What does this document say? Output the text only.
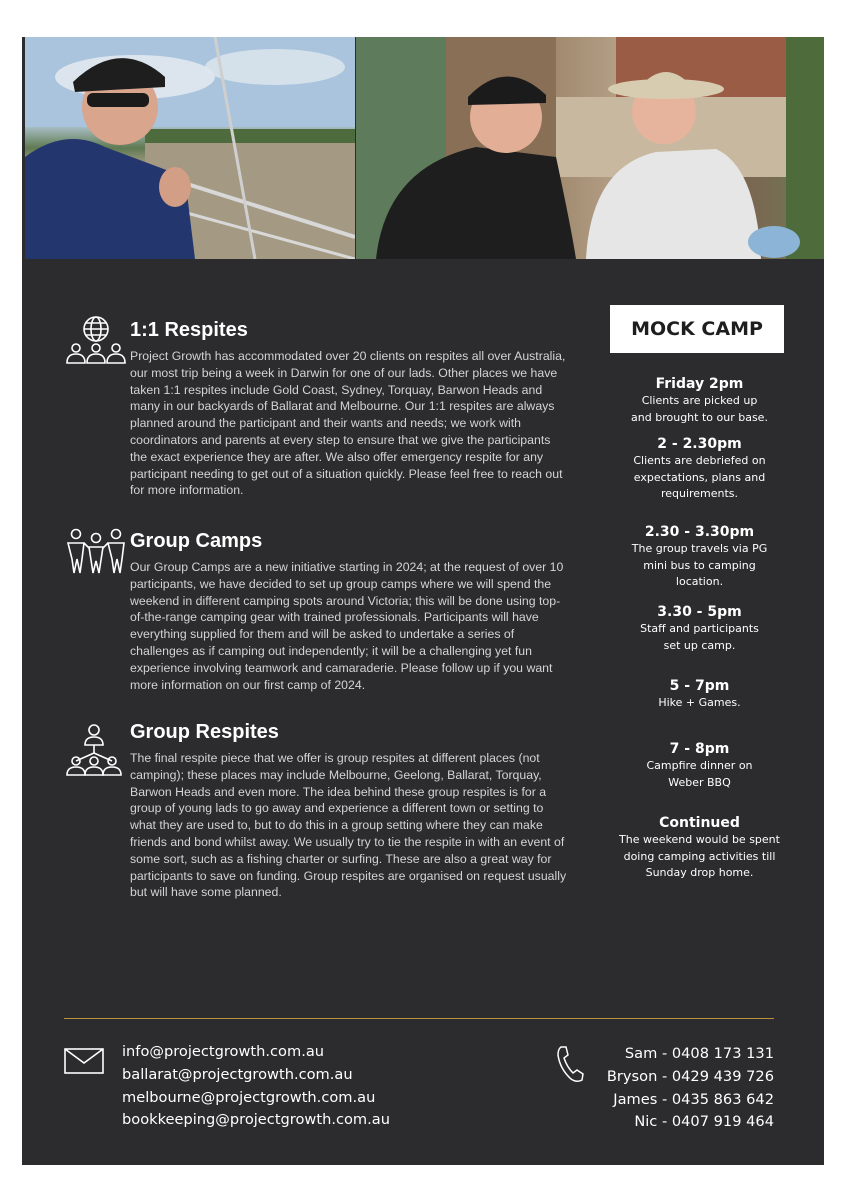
1:1 Respites

Project Growth has accommodated over 20 clients on respites all over Australia, our most trip being a week in Darwin for one of our lads. Other places we have taken 1:1 respites include Gold Coast, Sydney, Torquay, Barwon Heads and many in our backyards of Ballarat and Melbourne. Our 1:1 respites are always planned around the participant and their wants and needs; we work with coordinators and parents at every step to ensure that we give the participants the exact experience they are after. We also offer emergency respite for any participant needing to get out of a situation quickly. Please feel free to reach out for more information.

Group Camps

Our Group Camps are a new initiative starting in 2024; at the request of over 10 participants, we have decided to set up group camps where we will spend the weekend in different camping spots around Victoria; this will be done using top-of-the-range camping gear with trained professionals. Participants will have everything supplied for them and will be asked to undertake a series of challenges as if camping out independently; it will be a challenging yet fun experience involving teamwork and camaraderie. Please follow up if you want more information on our first camp of 2024.

Group Respites

The final respite piece that we offer is group respites at different places (not camping); these places may include Melbourne, Geelong, Ballarat, Torquay, Barwon Heads and even more. The idea behind these group respites is for a group of young lads to go away and experience a different town or setting to what they are used to, but to do this in a group setting where they can make friends and bond whilst away. We usually try to tie the respite in with an event of some sort, such as a fishing charter or surfing. These are also a great way for participants to save on funding. Group respites are organised on request usually but will have some planned.

MOCK CAMP
Friday 2pm
Clients are picked up and brought to our base.
2 - 2.30pm
Clients are debriefed on expectations, plans and requirements.
2.30 - 3.30pm
The group travels via PG mini bus to camping location.
3.30 - 5pm
Staff and participants set up camp.
5 - 7pm
Hike + Games.
7 - 8pm
Campfire dinner on Weber BBQ
Continued
The weekend would be spent doing camping activities till Sunday drop home.
info@projectgrowth.com.au
ballarat@projectgrowth.com.au
melbourne@projectgrowth.com.au
bookkeeping@projectgrowth.com.au
Sam - 0408 173 131
Bryson - 0429 439 726
James - 0435 863 642
Nic - 0407 919 464
